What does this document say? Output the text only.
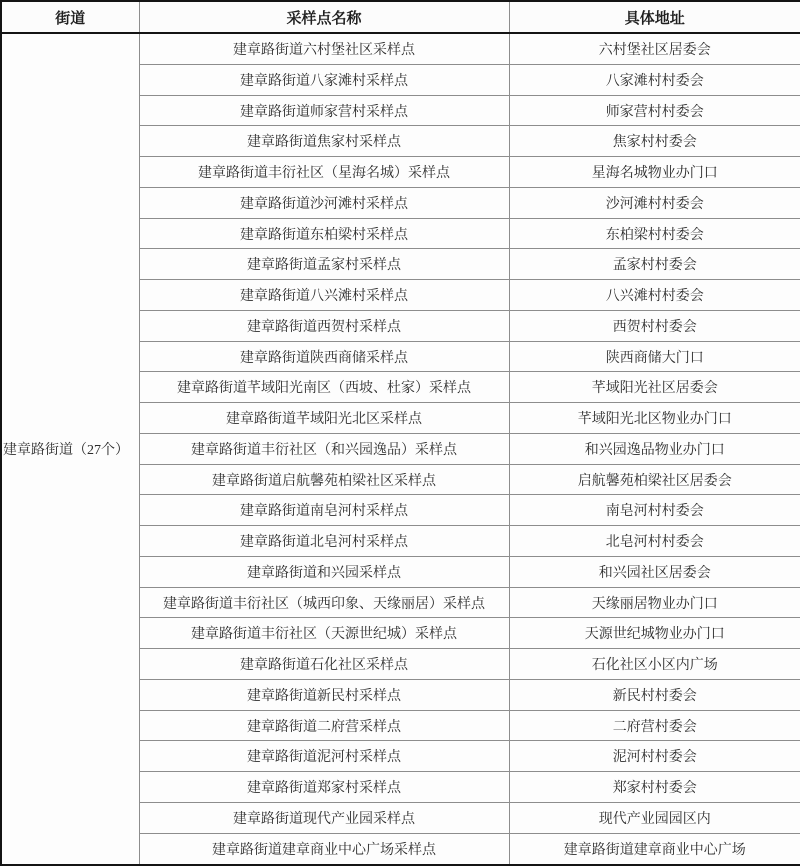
街道	采样点名称	具体地址
建章路街道（27个）	建章路街道六村堡社区采样点	六村堡社区居委会
	建章路街道八家滩村采样点	八家滩村村委会
	建章路街道师家营村采样点	师家营村村委会
	建章路街道焦家村采样点	焦家村村委会
	建章路街道丰衍社区（星海名城）采样点	星海名城物业办门口
	建章路街道沙河滩村采样点	沙河滩村村委会
	建章路街道东柏梁村采样点	东柏梁村村委会
	建章路街道孟家村采样点	孟家村村委会
	建章路街道八兴滩村采样点	八兴滩村村委会
	建章路街道西贺村采样点	西贺村村委会
	建章路街道陕西商储采样点	陕西商储大门口
	建章路街道芊域阳光南区（西坡、杜家）采样点	芊域阳光社区居委会
	建章路街道芊域阳光北区采样点	芊域阳光北区物业办门口
	建章路街道丰衍社区（和兴园逸品）采样点	和兴园逸品物业办门口
	建章路街道启航馨苑柏梁社区采样点	启航馨苑柏梁社区居委会
	建章路街道南皂河村采样点	南皂河村村委会
	建章路街道北皂河村采样点	北皂河村村委会
	建章路街道和兴园采样点	和兴园社区居委会
	建章路街道丰衍社区（城西印象、天缘丽居）采样点	天缘丽居物业办门口
	建章路街道丰衍社区（天源世纪城）采样点	天源世纪城物业办门口
	建章路街道石化社区采样点	石化社区小区内广场
	建章路街道新民村采样点	新民村村委会
	建章路街道二府营采样点	二府营村委会
	建章路街道泥河村采样点	泥河村村委会
	建章路街道郑家村采样点	郑家村村委会
	建章路街道现代产业园采样点	现代产业园园区内
	建章路街道建章商业中心广场采样点	建章路街道建章商业中心广场
